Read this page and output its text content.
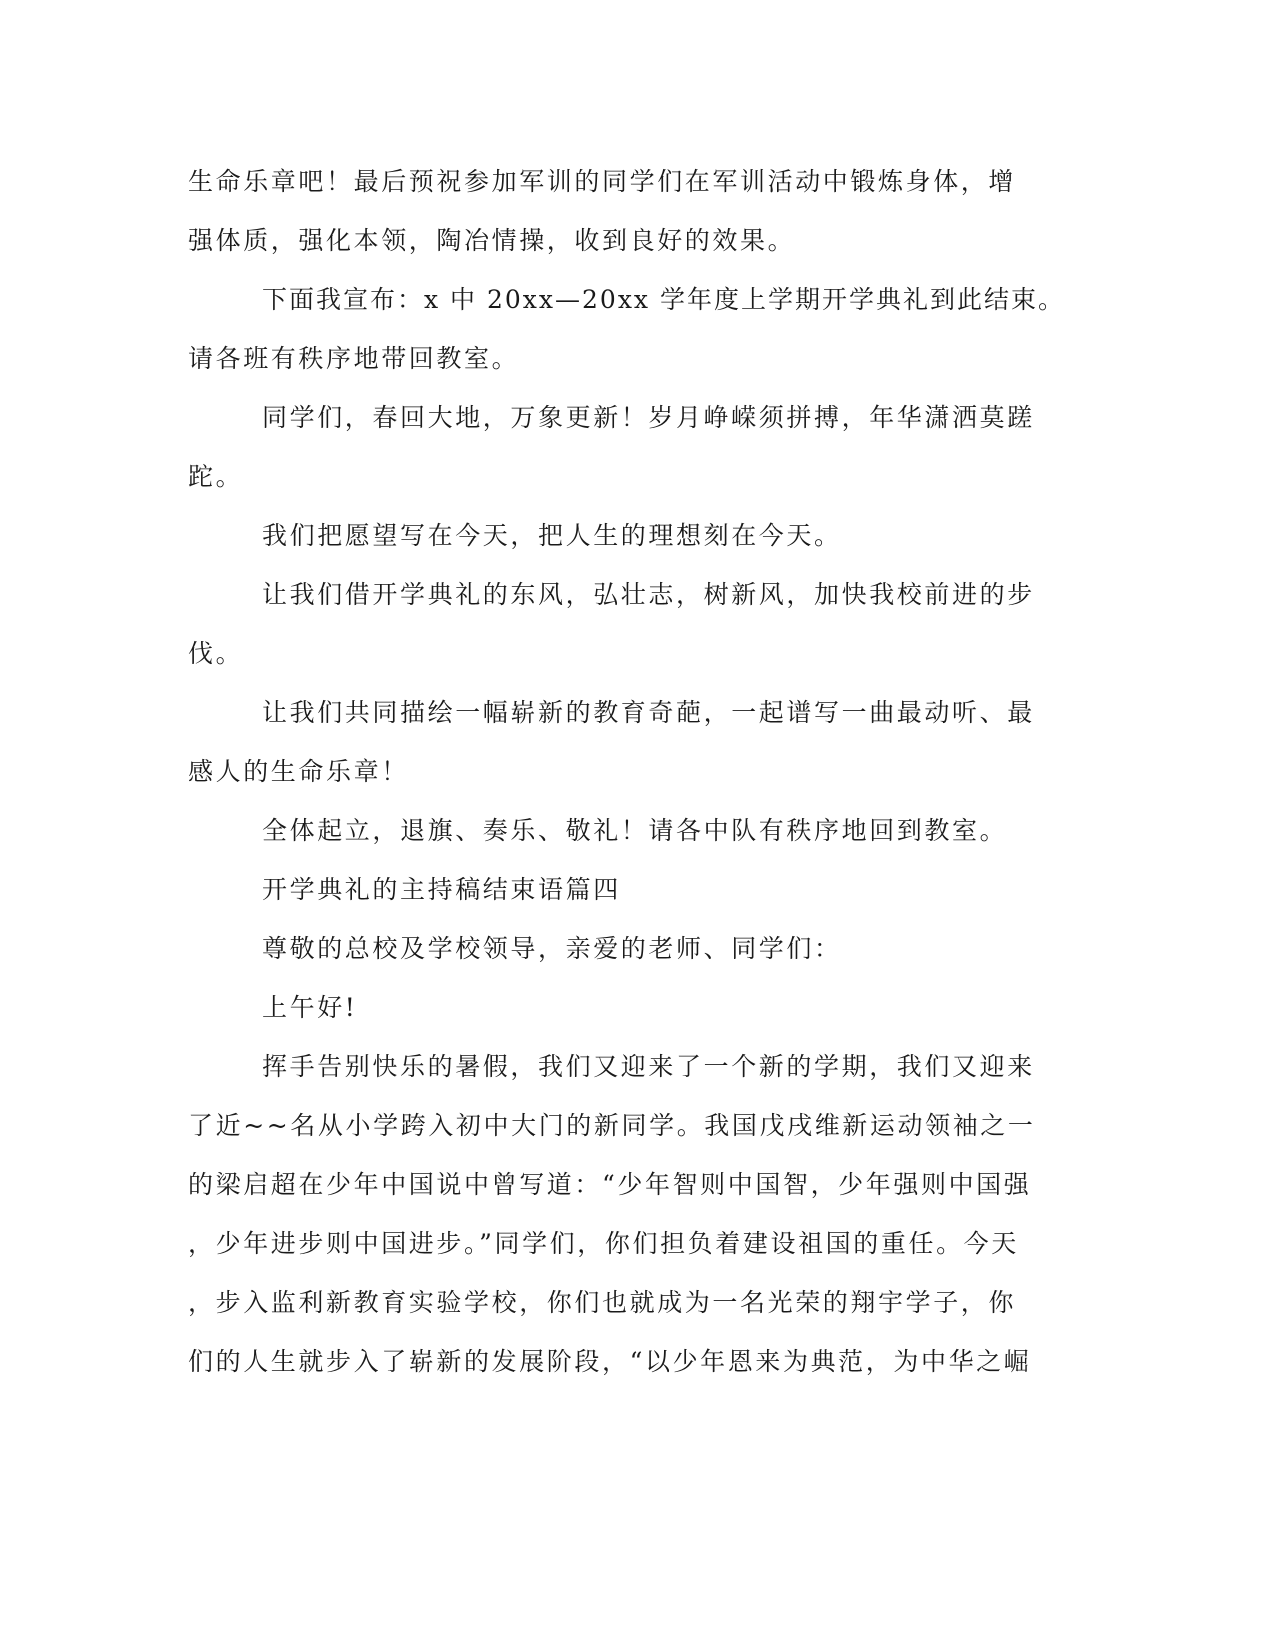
生命乐章吧！最后预祝参加军训的同学们在军训活动中锻炼身体，增
强体质，强化本领，陶冶情操，收到良好的效果。
下面我宣布：x 中 20xx—20xx 学年度上学期开学典礼到此结束。
请各班有秩序地带回教室。
同学们，春回大地，万象更新！岁月峥嵘须拼搏，年华潇洒莫蹉
跎。
我们把愿望写在今天，把人生的理想刻在今天。
让我们借开学典礼的东风，弘壮志，树新风，加快我校前进的步
伐。
让我们共同描绘一幅崭新的教育奇葩，一起谱写一曲最动听、最
感人的生命乐章！
全体起立，退旗、奏乐、敬礼！请各中队有秩序地回到教室。
开学典礼的主持稿结束语篇四
尊敬的总校及学校领导，亲爱的老师、同学们：
上午好!
挥手告别快乐的暑假，我们又迎来了一个新的学期，我们又迎来
了近~~名从小学跨入初中大门的新同学。我国戊戌维新运动领袖之一
的梁启超在少年中国说中曾写道：“少年智则中国智，少年强则中国强
，少年进步则中国进步。”同学们，你们担负着建设祖国的重任。今天
，步入监利新教育实验学校，你们也就成为一名光荣的翔宇学子，你
们的人生就步入了崭新的发展阶段，“以少年恩来为典范，为中华之崛
